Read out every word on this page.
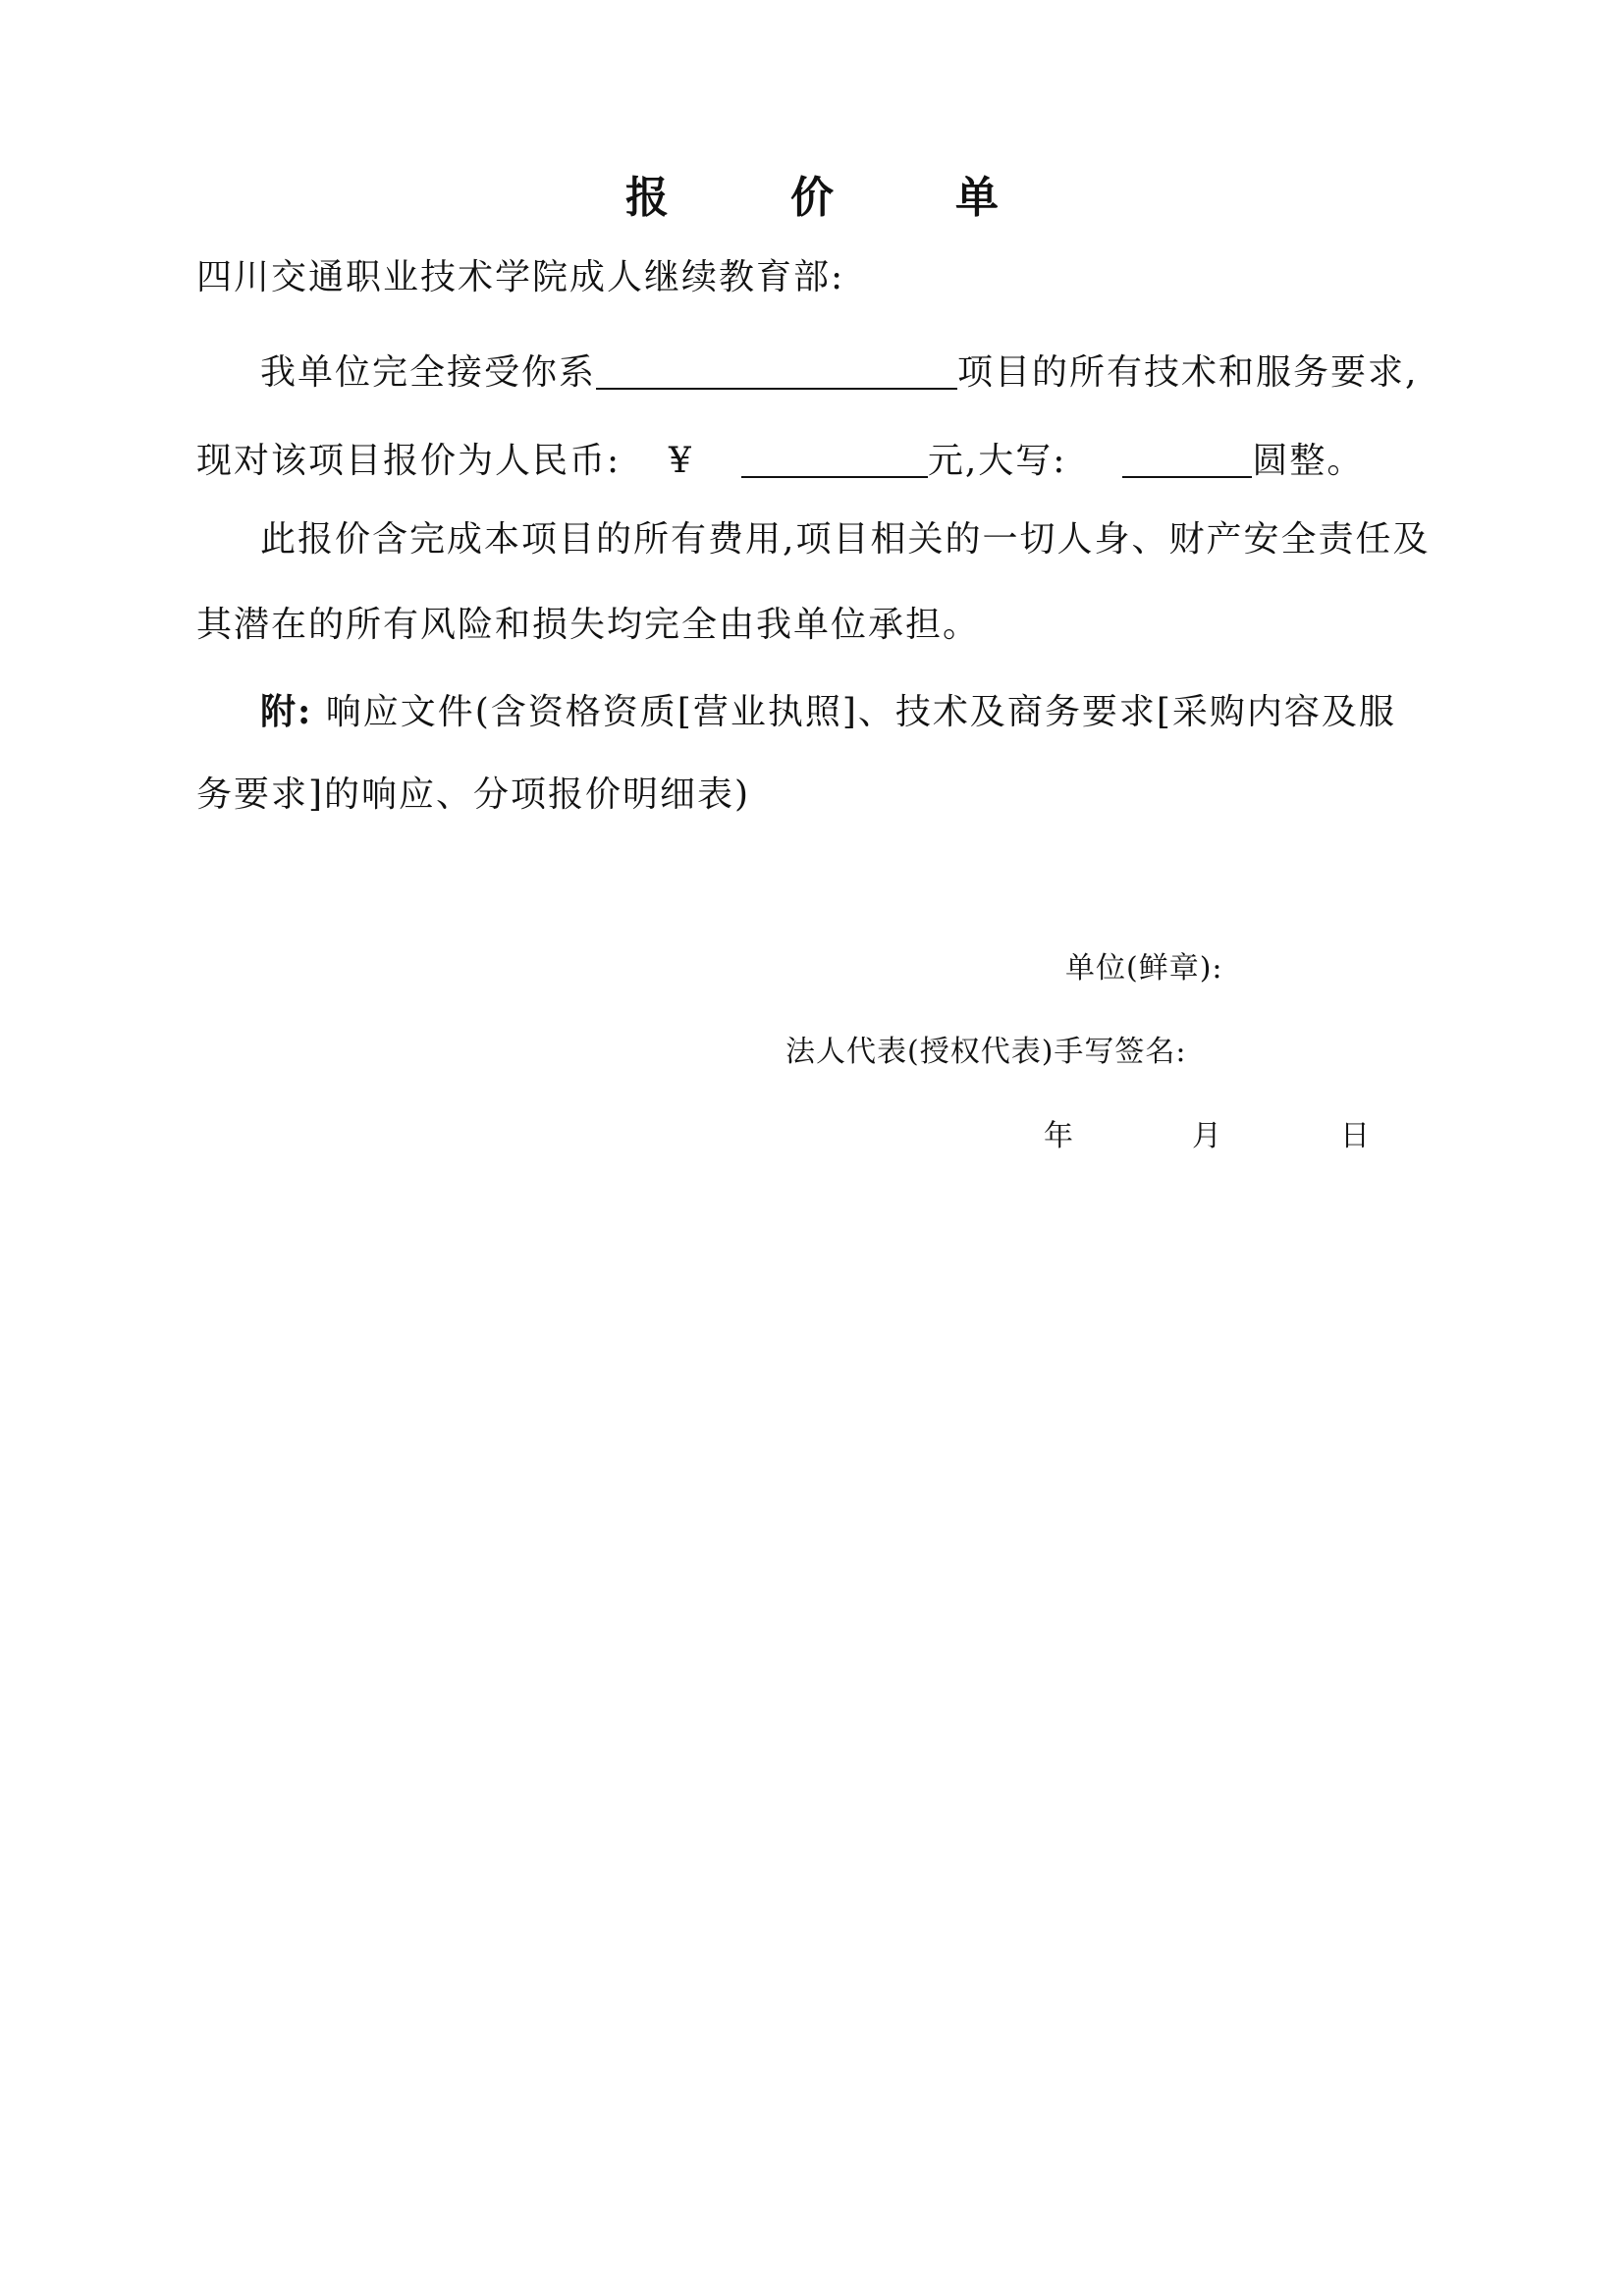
报　价　单
四川交通职业技术学院成人继续教育部:
我单位完全接受你系	项目的所有技术和服务要求,
现对该项目报价为人民币: ¥	元,大写:	圆整。
此报价含完成本项目的所有费用,项目相关的一切人身、财产安全责任及
其潜在的所有风险和损失均完全由我单位承担。
附: 响应文件(含资格资质[营业执照]、技术及商务要求[采购内容及服
务要求]的响应、分项报价明细表)
单位(鲜章):
法人代表(授权代表)手写签名:
年	月	日
